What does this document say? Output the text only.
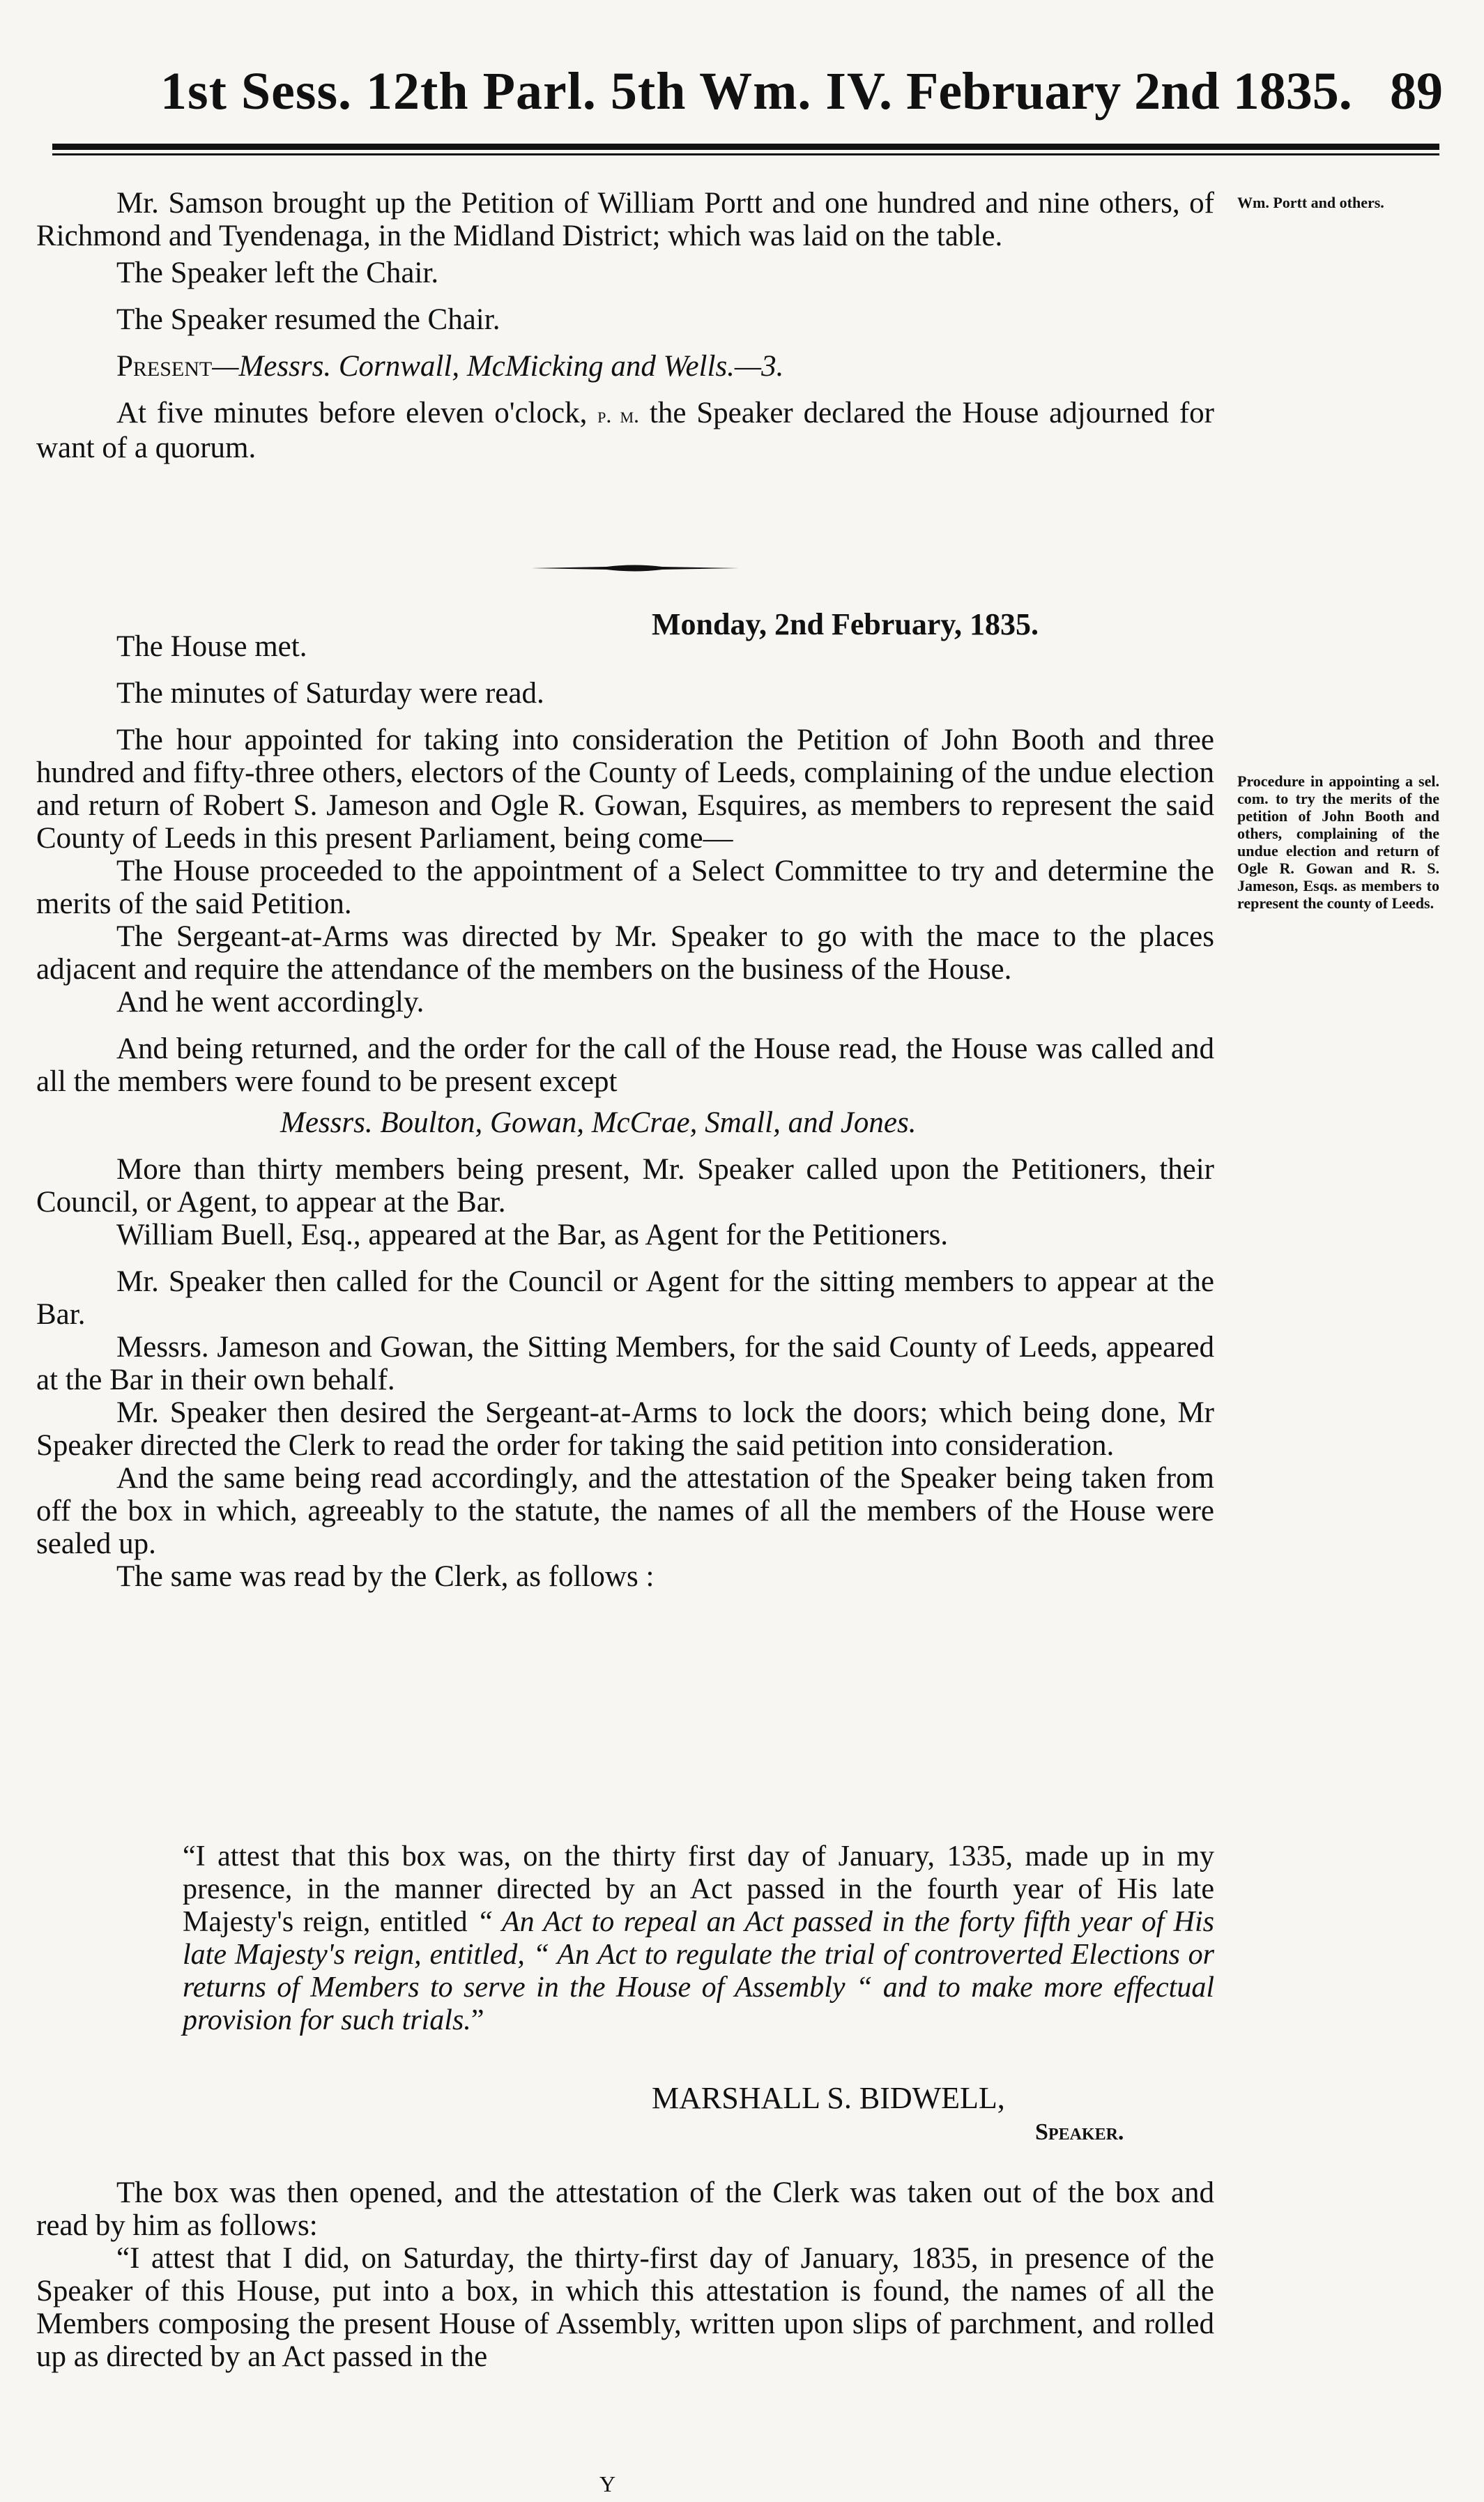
1st Sess. 12th Parl. 5th Wm. IV. February 2nd 1835. 89

Mr. Samson brought up the Petition of William Portt and one hundred and nine others, of Richmond and Tyendenaga, in the Midland District; which was laid on the table.

The Speaker left the Chair.

The Speaker resumed the Chair.

Present—Messrs. Cornwall, McMicking and Wells.—3.

At five minutes before eleven o'clock, p. m. the Speaker declared the House adjourned for want of a quorum.

Wm. Portt and others.
Monday, 2nd February, 1835.

The House met.

The minutes of Saturday were read.

The hour appointed for taking into consideration the Petition of John Booth and three hundred and fifty-three others, electors of the County of Leeds, complaining of the undue election and return of Robert S. Jameson and Ogle R. Gowan, Esquires, as members to represent the said County of Leeds in this present Parliament, being come—

The House proceeded to the appointment of a Select Committee to try and determine the merits of the said Petition.

The Sergeant-at-Arms was directed by Mr. Speaker to go with the mace to the places adjacent and require the attendance of the members on the business of the House.

And he went accordingly.

And being returned, and the order for the call of the House read, the House was called and all the members were found to be present except

Messrs. Boulton, Gowan, McCrae, Small, and Jones.

More than thirty members being present, Mr. Speaker called upon the Petitioners, their Council, or Agent, to appear at the Bar.

William Buell, Esq., appeared at the Bar, as Agent for the Petitioners.

Mr. Speaker then called for the Council or Agent for the sitting members to appear at the Bar.

Messrs. Jameson and Gowan, the Sitting Members, for the said County of Leeds, appeared at the Bar in their own behalf.

Mr. Speaker then desired the Sergeant-at-Arms to lock the doors; which being done, Mr Speaker directed the Clerk to read the order for taking the said petition into consideration.

And the same being read accordingly, and the attestation of the Speaker being taken from off the box in which, agreeably to the statute, the names of all the members of the House were sealed up.

The same was read by the Clerk, as follows :

Procedure in appointing a sel. com. to try the merits of the petition of John Booth and others, complaining of the undue election and return of Ogle R. Gowan and R. S. Jameson, Esqs. as members to represent the county of Leeds.
“I attest that this box was, on the thirty first day of January, 1335, made up in my presence, in the manner directed by an Act passed in the fourth year of His late Majesty's reign, entitled “ An Act to repeal an Act passed in the forty fifth year of His late Majesty's reign, entitled, “ An Act to regulate the trial of controverted Elections or returns of Members to serve in the House of Assembly “ and to make more effectual provision for such trials.”
MARSHALL S. BIDWELL,
Speaker.

The box was then opened, and the attestation of the Clerk was taken out of the box and read by him as follows:

“I attest that I did, on Saturday, the thirty-first day of January, 1835, in presence of the Speaker of this House, put into a box, in which this attestation is found, the names of all the Members composing the present House of Assembly, written upon slips of parchment, and rolled up as directed by an Act passed in the

Y
